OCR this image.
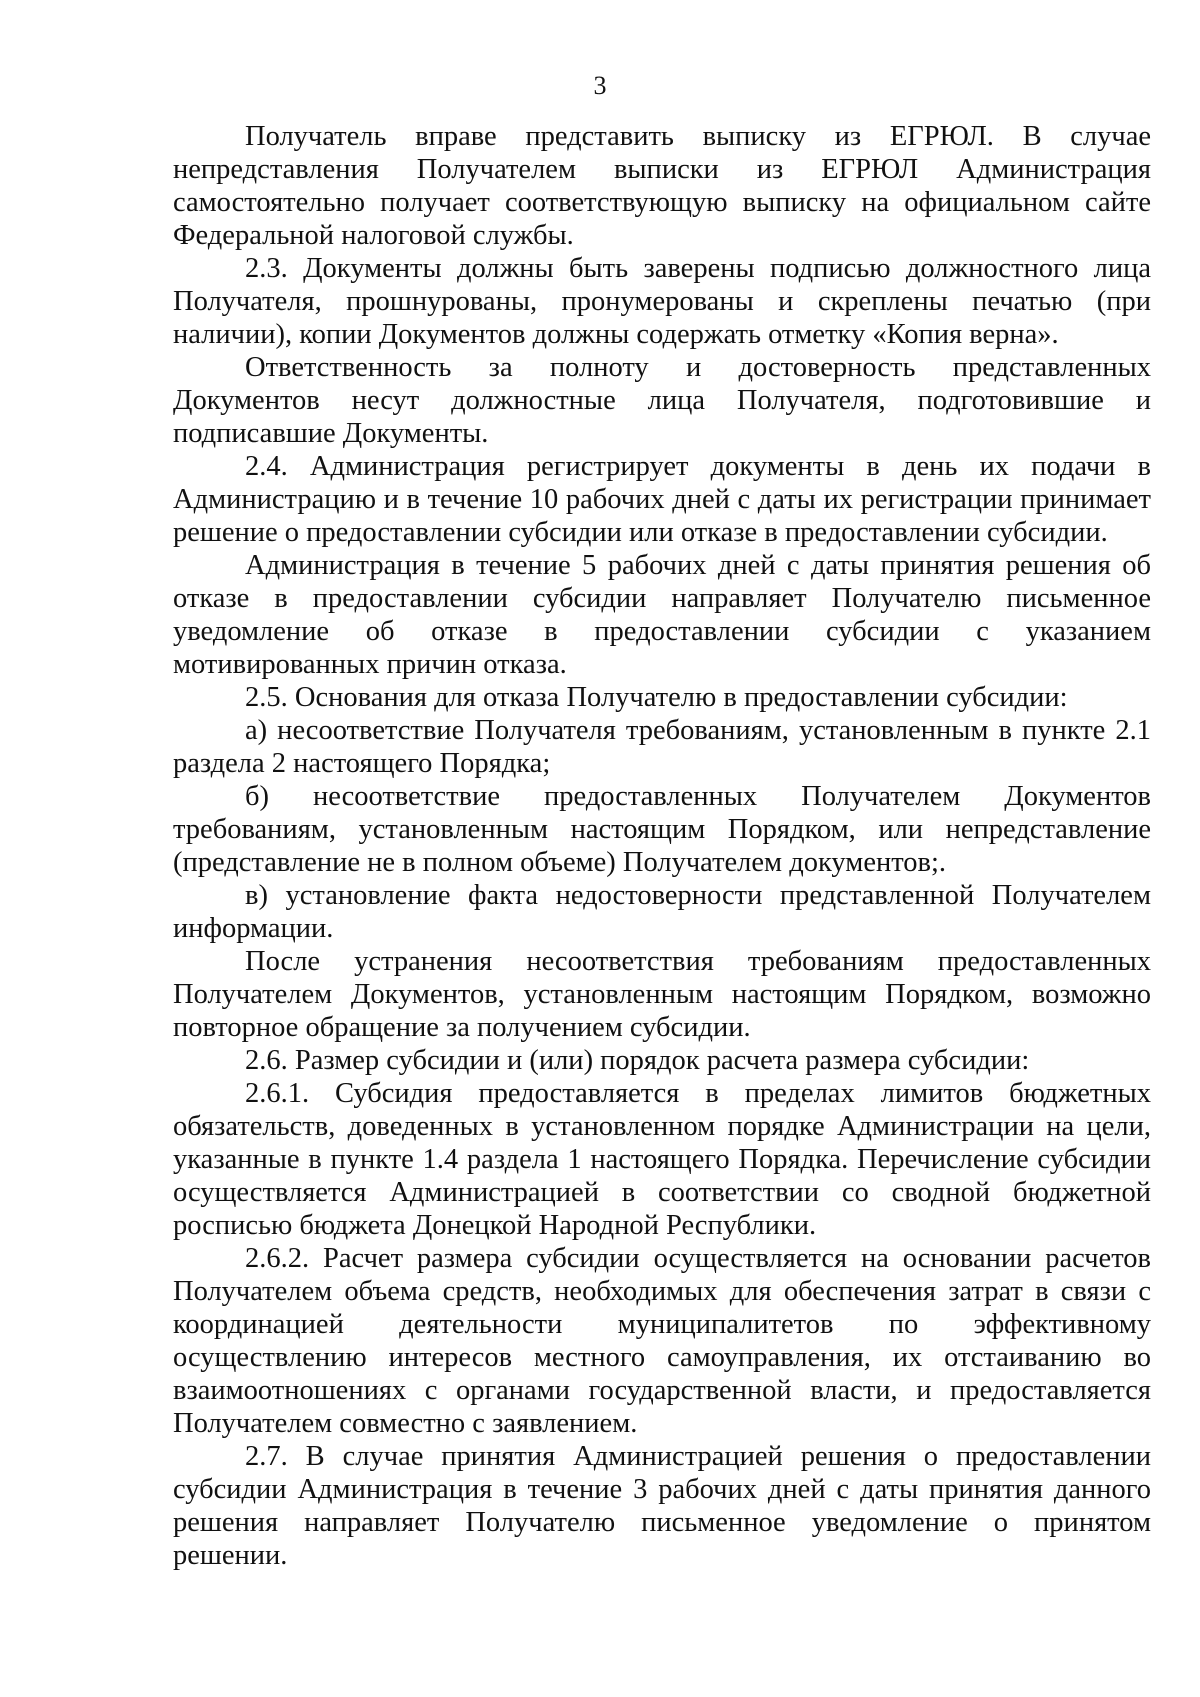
3

Получатель вправе представить выписку из ЕГРЮЛ. В случае непредставления Получателем выписки из ЕГРЮЛ Администрация самостоятельно получает соответствующую выписку на официальном сайте Федеральной налоговой службы.

2.3. Документы должны быть заверены подписью должностного лица Получателя, прошнурованы, пронумерованы и скреплены печатью (при наличии), копии Документов должны содержать отметку «Копия верна».

Ответственность за полноту и достоверность представленных Документов несут должностные лица Получателя, подготовившие и подписавшие Документы.

2.4. Администрация регистрирует документы в день их подачи в Администрацию и в течение 10 рабочих дней с даты их регистрации принимает решение о предоставлении субсидии или отказе в предоставлении субсидии.

Администрация в течение 5 рабочих дней с даты принятия решения об отказе в предоставлении субсидии направляет Получателю письменное уведомление об отказе в предоставлении субсидии с указанием мотивированных причин отказа.

2.5. Основания для отказа Получателю в предоставлении субсидии:

а) несоответствие Получателя требованиям, установленным в пункте 2.1 раздела 2 настоящего Порядка;

б) несоответствие предоставленных Получателем Документов требованиям, установленным настоящим Порядком, или непредставление (представление не в полном объеме) Получателем документов;.

в) установление факта недостоверности представленной Получателем информации.

После устранения несоответствия требованиям предоставленных Получателем Документов, установленным настоящим Порядком, возможно повторное обращение за получением субсидии.

2.6. Размер субсидии и (или) порядок расчета размера субсидии:

2.6.1. Субсидия предоставляется в пределах лимитов бюджетных обязательств, доведенных в установленном порядке Администрации на цели, указанные в пункте 1.4 раздела 1 настоящего Порядка. Перечисление субсидии осуществляется Администрацией в соответствии со сводной бюджетной росписью бюджета Донецкой Народной Республики.

2.6.2. Расчет размера субсидии осуществляется на основании расчетов Получателем объема средств, необходимых для обеспечения затрат в связи с координацией деятельности муниципалитетов по эффективному осуществлению интересов местного самоуправления, их отстаиванию во взаимоотношениях с органами государственной власти, и предоставляется Получателем совместно с заявлением.

2.7. В случае принятия Администрацией решения о предоставлении субсидии Администрация в течение 3 рабочих дней с даты принятия данного решения направляет Получателю письменное уведомление о принятом решении.
